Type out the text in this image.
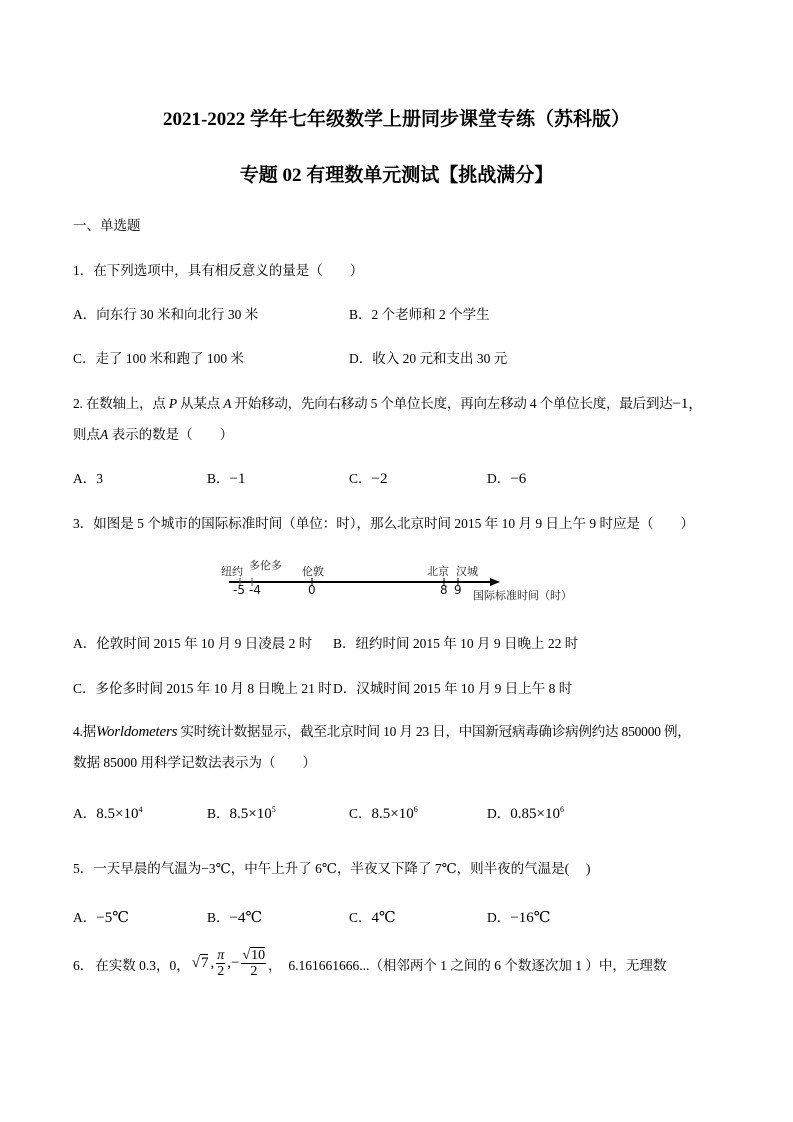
2021-2022 学年七年级数学上册同步课堂专练（苏科版）
专题 02 有理数单元测试【挑战满分】
一、单选题
1．在下列选项中，具有相反意义的量是（　　）
A．向东行 30 米和向北行 30 米	B．2 个老师和 2 个学生
C．走了 100 米和跑了 100 米	D．收入 20 元和支出 30 元
2. 在数轴上，点 P 从某点 A 开始移动，先向右移动 5 个单位长度，再向左移动 4 个单位长度，最后到达−1，
则点A 表示的数是（　　）
A．3	B．−1	C．−2	D．−6
3．如图是 5 个城市的国际标准时间（单位：时），那么北京时间 2015 年 10 月 9 日上午 9 时应是（　　）
纽约 多伦多 伦敦	北京 汉城
-5 -4	0	8 9 国际标准时间（时）
A．伦敦时间 2015 年 10 月 9 日凌晨 2 时 B．纽约时间 2015 年 10 月 9 日晚上 22 时
C．多伦多时间 2015 年 10 月 8 日晚上 21 时 D．汉城时间 2015 年 10 月 9 日上午 8 时
4.据Worldometers 实时统计数据显示，截至北京时间 10 月 23 日，中国新冠病毒确诊病例约达 850000 例，
数据 85000 用科学记数法表示为（　　）
A．$8.5\times 10^4$	B．$8.5\times 10^5$	C．$8.5\times 10^6$	D．$0.85\times 10^6$
5．一天早晨的气温为−3℃，中午上升了 6℃，半夜又下降了 7℃，则半夜的气温是(　 )
A．−5℃	B．−4℃	C．4℃	D．−16℃
6． 在实数 0.3，0， √7 , $\frac{\pi}{2}$ ,− $\frac{√10}{2}$ ，　6.161661666...（相邻两个 1 之间的 6 个数逐次加 1 ）中，无理数
